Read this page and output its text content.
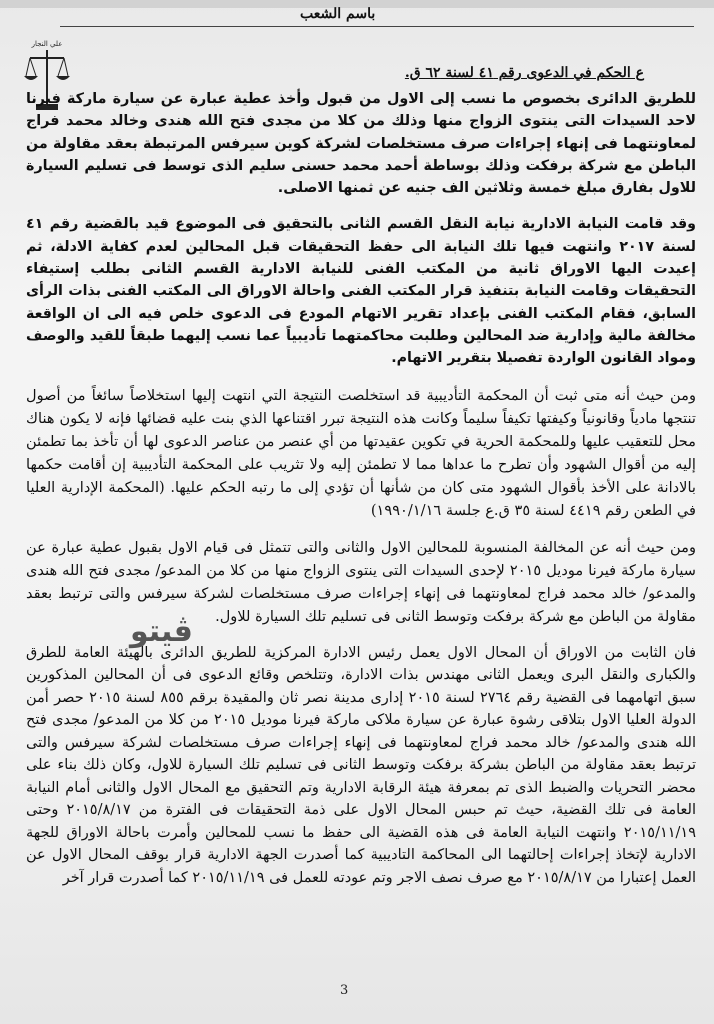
باسم الشعب
علي النجار
ع الحكم في الدعوى رقم ٤١ لسنة ٦٢ ق.

للطريق الدائرى بخصوص ما نسب إلى الاول من قبول وأخذ عطية عبارة عن سيارة ماركة فيرنا لاحد السيدات التى ينتوى الزواج منها وذلك من كلا من مجدى فتح الله هندى وخالد محمد فراج لمعاونتهما فى إنهاء إجراءات صرف مستخلصات لشركة كوين سيرفس المرتبطة بعقد مقاولة من الباطن مع شركة برفكت وذلك بوساطة أحمد محمد حسنى سليم الذى توسط فى تسليم السيارة للاول بفارق مبلغ خمسة وثلاثين الف جنيه عن ثمنها الاصلى.

وقد قامت النيابة الادارية نيابة النقل القسم الثانى بالتحقيق فى الموضوع قيد بالقضية رقم ٤١ لسنة ٢٠١٧ وانتهت فيها تلك النيابة الى حفظ التحقيقات قبل المحالين لعدم كفاية الادلة، ثم إعيدت اليها الاوراق ثانية من المكتب الفنى للنيابة الادارية القسم الثانى بطلب إستيفاء التحقيقات وقامت النيابة بتنفيذ قرار المكتب الفنى واحالة الاوراق الى المكتب الفنى بذات الرأى السابق، فقام المكتب الفنى بإعداد تقرير الاتهام المودع فى الدعوى خلص فيه الى ان الواقعة مخالفة مالية وإدارية ضد المحالين وطلبت محاكمتهما تأديبياً عما نسب إليهما طبقاً للقيد والوصف ومواد القانون الواردة تفصيلا بتقرير الاتهام.

ومن حيث أنه متى ثبت أن المحكمة التأديبية قد استخلصت النتيجة التي انتهت إليها استخلاصاً سائغاً من أصول تنتجها مادياً وقانونياً وكيفتها تكيفاً سليماً وكانت هذه النتيجة تبرر اقتناعها الذي بنت عليه قضائها فإنه لا يكون هناك محل للتعقيب عليها وللمحكمة الحرية في تكوين عقيدتها من أي عنصر من عناصر الدعوى لها أن تأخذ بما تطمئن إليه من أقوال الشهود وأن تطرح ما عداها مما لا تطمئن إليه ولا تثريب على المحكمة التأديبية إن أقامت حكمها بالادانة على الأخذ بأقوال الشهود متى كان من شأنها أن تؤدي إلى ما رتبه الحكم عليها. (المحكمة الإدارية العليا في الطعن رقم ٤٤١٩ لسنة ٣٥ ق.ع جلسة ١٩٩٠/١/١٦)

ومن حيث أنه عن المخالفة المنسوبة للمحالين الاول والثانى والتى تتمثل فى قيام الاول بقبول عطية عبارة عن سيارة ماركة فيرنا موديل ٢٠١٥ لإحدى السيدات التى ينتوى الزواج منها من كلا من المدعو/ مجدى فتح الله هندى والمدعو/ خالد محمد فراج لمعاونتهما فى إنهاء إجراءات صرف مستخلصات لشركة سيرفس والتى ترتبط بعقد مقاولة من الباطن مع شركة برفكت وتوسط الثانى فى تسليم تلك السيارة للاول.

فان الثابت من الاوراق أن المحال الاول يعمل رئيس الادارة المركزية للطريق الدائرى بالهيئة العامة للطرق والكبارى والنقل البرى ويعمل الثانى مهندس بذات الادارة، وتتلخص وقائع الدعوى فى أن المحالين المذكورين سبق اتهامهما فى القضية رقم ٢٧٦٤ لسنة ٢٠١٥ إدارى مدينة نصر ثان والمقيدة برقم ٨٥٥ لسنة ٢٠١٥ حصر أمن الدولة العليا الاول بتلاقى رشوة عبارة عن سيارة ملاكى ماركة فيرنا موديل ٢٠١٥ من كلا من المدعو/ مجدى فتح الله هندى والمدعو/ خالد محمد فراج لمعاونتهما فى إنهاء إجراءات صرف مستخلصات لشركة سيرفس والتى ترتبط بعقد مقاولة من الباطن بشركة برفكت وتوسط الثانى فى تسليم تلك السيارة للاول، وكان ذلك بناء على محضر التحريات والضبط الذى تم بمعرفة هيئة الرقابة الادارية وتم التحقيق مع المحال الاول والثانى أمام النيابة العامة فى تلك القضية، حيث تم حبس المحال الاول على ذمة التحقيقات فى الفترة من ٢٠١٥/٨/١٧ وحتى ٢٠١٥/١١/١٩ وانتهت النيابة العامة فى هذه القضية الى حفظ ما نسب للمحالين وأمرت باحالة الاوراق للجهة الادارية لإتخاذ إجراءات إحالتهما الى المحاكمة التاديبية كما أصدرت الجهة الادارية قرار بوقف المحال الاول عن العمل إعتبارا من ٢٠١٥/٨/١٧ مع صرف نصف الاجر وتم عودته للعمل فى ٢٠١٥/١١/١٩ كما أصدرت قرار آخر

ڤيتو
3
